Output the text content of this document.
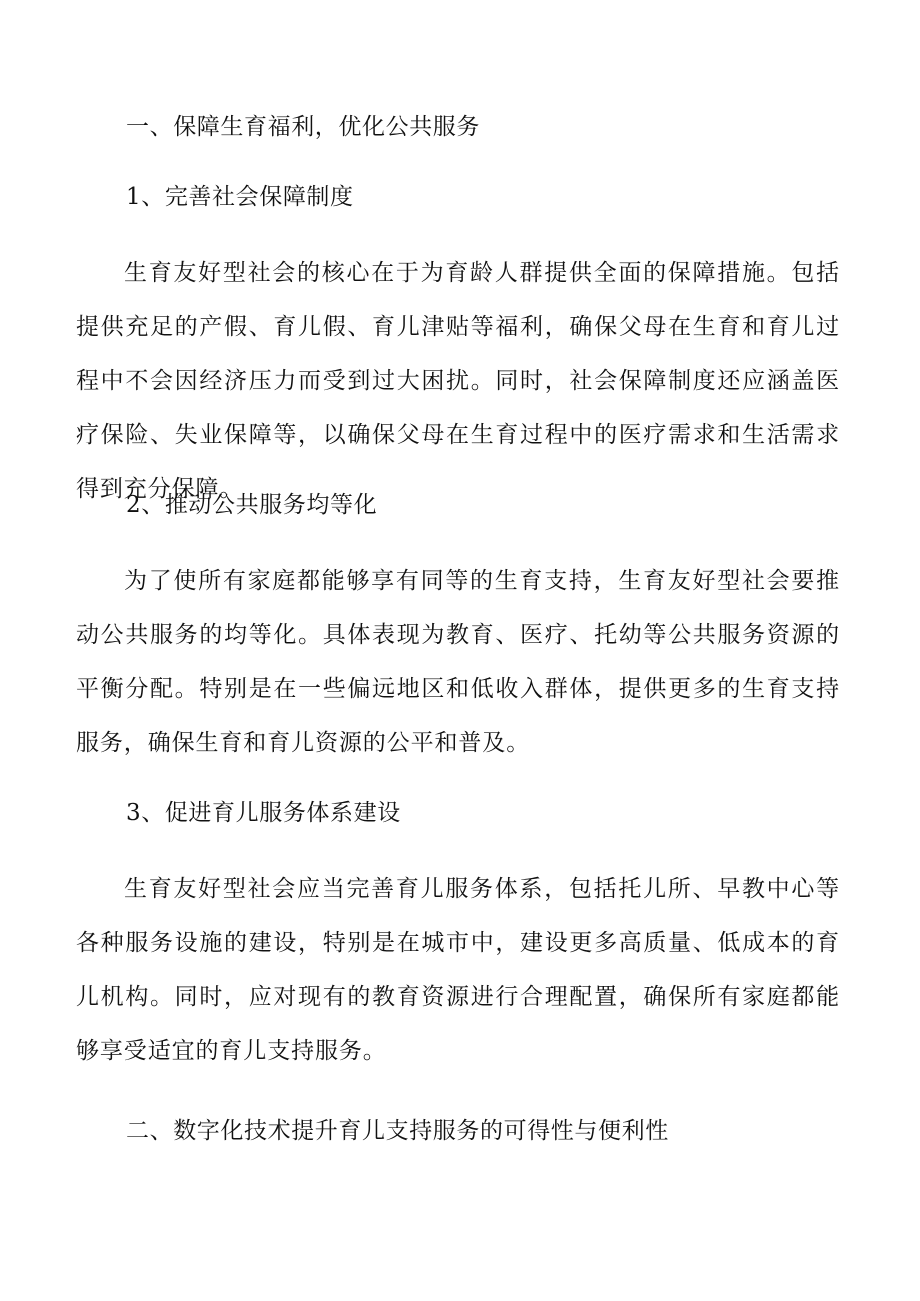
一、保障生育福利，优化公共服务
1、完善社会保障制度

生育友好型社会的核心在于为育龄人群提供全面的保障措施。包括提供充足的产假、育儿假、育儿津贴等福利，确保父母在生育和育儿过程中不会因经济压力而受到过大困扰。同时，社会保障制度还应涵盖医疗保险、失业保障等，以确保父母在生育过程中的医疗需求和生活需求得到充分保障。

2、推动公共服务均等化

为了使所有家庭都能够享有同等的生育支持，生育友好型社会要推动公共服务的均等化。具体表现为教育、医疗、托幼等公共服务资源的平衡分配。特别是在一些偏远地区和低收入群体，提供更多的生育支持服务，确保生育和育儿资源的公平和普及。

3、促进育儿服务体系建设

生育友好型社会应当完善育儿服务体系，包括托儿所、早教中心等各种服务设施的建设，特别是在城市中，建设更多高质量、低成本的育儿机构。同时，应对现有的教育资源进行合理配置，确保所有家庭都能够享受适宜的育儿支持服务。

二、数字化技术提升育儿支持服务的可得性与便利性
